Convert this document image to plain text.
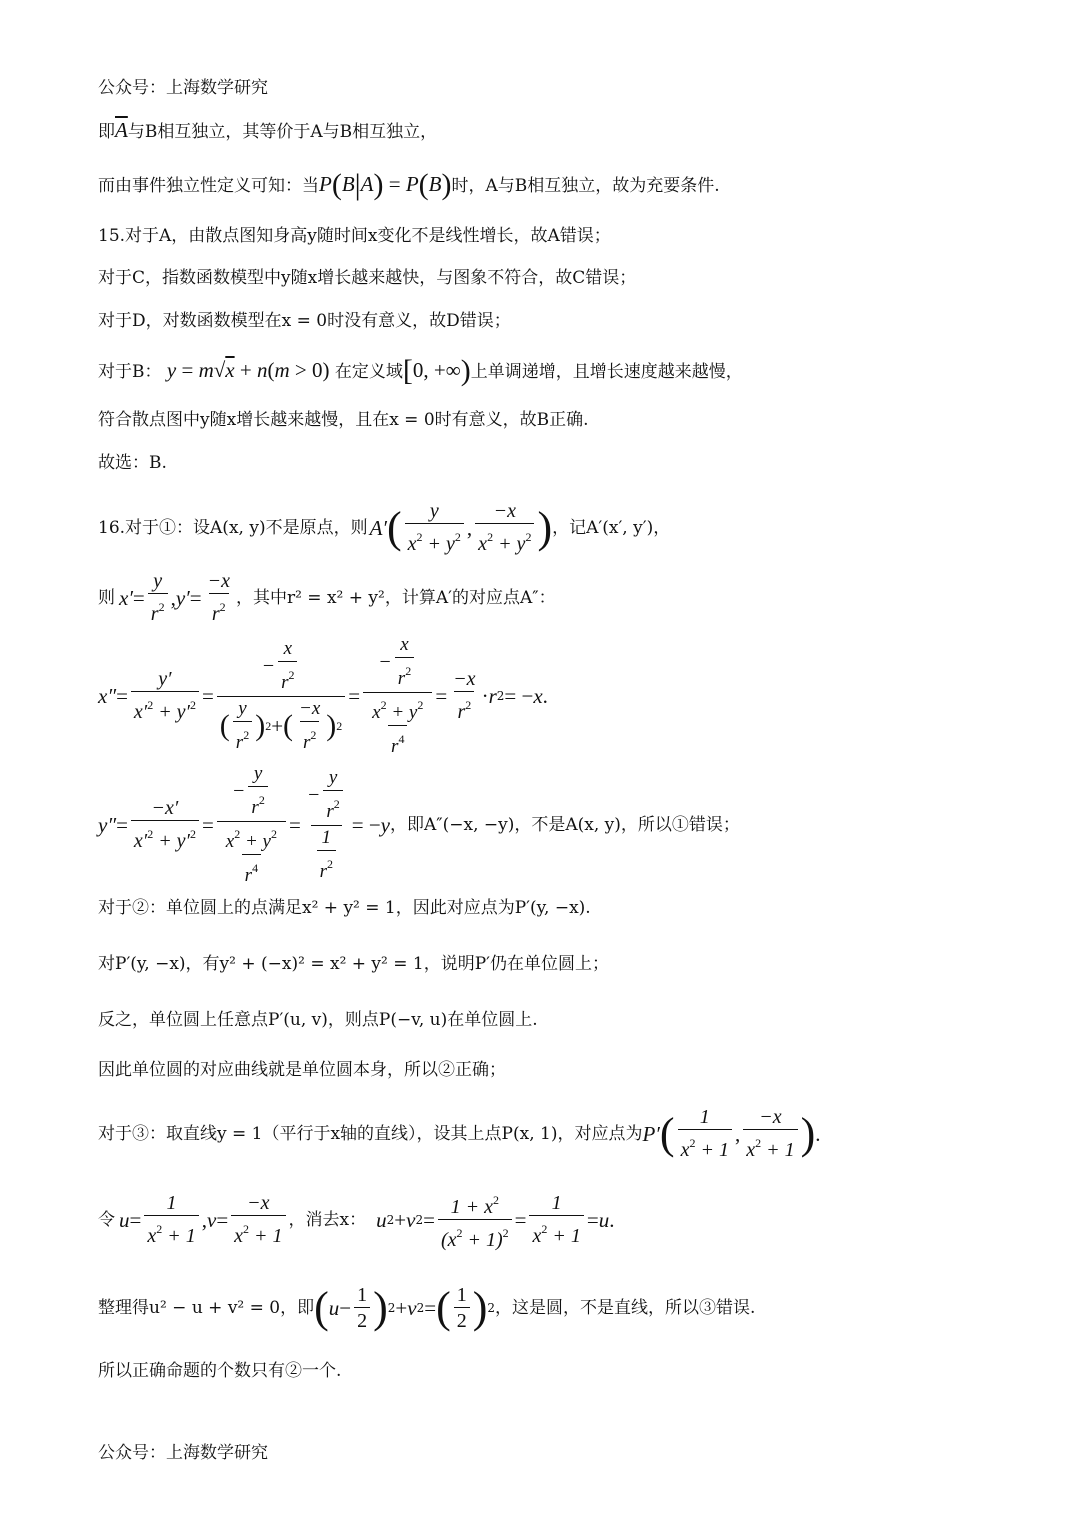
公众号：上海数学研究
即$\overline{A}$与B相互独立，其等价于A与B相互独立，
而由事件独立性定义可知：当P(B|A) = P(B)时，A与B相互独立，故为充要条件.
15.对于A，由散点图知身高y随时间x变化不是线性增长，故A错误；
对于C，指数函数模型中y随x增长越来越快，与图象不符合，故C错误；
对于D，对数函数模型在x = 0时没有意义，故D错误；
对于B： y = m√x + n(m > 0) 在定义域[0, +∞)上单调递增，且增长速度越来越慢，
符合散点图中y随x增长越来越慢，且在x = 0时有意义，故B正确.
故选：B.
16.对于①：设A(x, y)不是原点，则 A′ ( $\frac{y}{x^2 + y^2}$ , $\frac{-x}{x^2 + y^2}$ ) ，记A′(x′, y′)，
则 $x' = \frac{y}{r^2}$ , $y' = \frac{-x}{r^2}$ ，其中r² = x² + y²，计算A′的对应点A″：
$x'' = \frac{y'}{x'^2 + y'^2} = \frac{- \frac{x}{r^2}}{( \frac{y}{r^2} ) 2 + ( \frac{-x}{r^2} ) 2} = \frac{- \frac{x}{r^2}}{\frac{x^2 + y^2}{r^4}} = \frac{-x}{r^2} \cdot r$ 2 = − x .
$y'' = \frac{-x'}{x'^2 + y'^2} = \frac{- \frac{y}{r^2}}{\frac{x^2 + y^2}{r^4}} = \frac{- \frac{y}{r^2}}{\frac{1}{r^2}}$ = − y ，即A″(−x, −y)，不是A(x, y)，所以①错误；
对于②：单位圆上的点满足x² + y² = 1，因此对应点为P′(y, −x).
对P′(y, −x)，有y² + (−x)² = x² + y² = 1，说明P′仍在单位圆上；
反之，单位圆上任意点P′(u, v)，则点P(−v, u)在单位圆上.
因此单位圆的对应曲线就是单位圆本身，所以②正确；
对于③：取直线y = 1（平行于x轴的直线），设其上点P(x, 1)，对应点为 P′ ( $\frac{1}{x^2 + 1}$ , $\frac{-x}{x^2 + 1}$ ) .
令 $u = \frac{1}{x^2 + 1}$ , $v = \frac{-x}{x^2 + 1}$ ，消去x： u 2 + v $2 = \frac{1 + x^2}{(x^2 + 1)^2} = \frac{1}{x^2 + 1} = u$ .
整理得u² − u + v² = 0，即 ( $u - \frac{1}{2}$ ) 2 + v 2 = ( $\frac{1}{2}$ ) 2 ，这是圆，不是直线，所以③错误.
所以正确命题的个数只有②一个.
公众号：上海数学研究
